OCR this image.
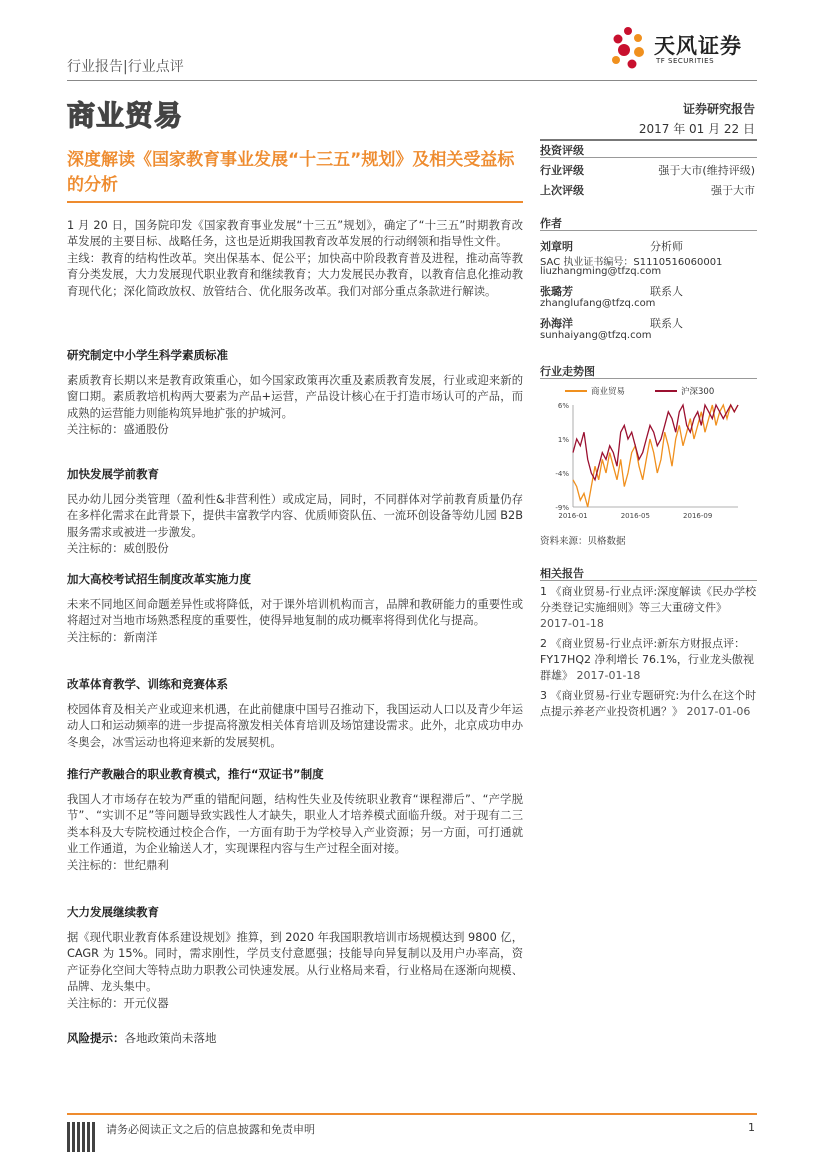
行业报告|行业点评
天风证券
TF SECURITIES
商业贸易	证券研究报告
2017 年 01 月 22 日
深度解读《国家教育事业发展“十三五”规划》及相关受益标的分析

1 月 20 日，国务院印发《国家教育事业发展“十三五”规划》，确定了“十三五”时期教育改革发展的主要目标、战略任务，这也是近期我国教育改革发展的行动纲领和指导性文件。

主线：教育的结构性改革。突出保基本、促公平；加快高中阶段教育普及进程，推动高等教育分类发展，大力发展现代职业教育和继续教育；大力发展民办教育，以教育信息化推动教育现代化；深化简政放权、放管结合、优化服务改革。我们对部分重点条款进行解读。

研究制定中小学生科学素质标准

素质教育长期以来是教育政策重心，如今国家政策再次重及素质教育发展，行业或迎来新的窗口期。素质教培机构两大要素为产品+运营，产品设计核心在于打造市场认可的产品，而成熟的运营能力则能构筑异地扩张的护城河。

关注标的：盛通股份

加快发展学前教育

民办幼儿园分类管理（盈利性&非营利性）或成定局，同时，不同群体对学前教育质量仍存在多样化需求在此背景下，提供丰富教学内容、优质师资队伍、一流环创设备等幼儿园 B2B 服务需求或被进一步激发。

关注标的：威创股份

加大高校考试招生制度改革实施力度

未来不同地区间命题差异性或将降低，对于课外培训机构而言，品牌和教研能力的重要性或将超过对当地市场熟悉程度的重要性，使得异地复制的成功概率将得到优化与提高。

关注标的：新南洋

改革体育教学、训练和竞赛体系

校园体育及相关产业或迎来机遇，在此前健康中国号召推动下，我国运动人口以及青少年运动人口和运动频率的进一步提高将激发相关体育培训及场馆建设需求。此外，北京成功申办冬奥会，冰雪运动也将迎来新的发展契机。

推行产教融合的职业教育模式，推行“双证书”制度

我国人才市场存在较为严重的错配问题，结构性失业及传统职业教育“课程滞后”、“产学脱节”、“实训不足”等问题导致实践性人才缺失，职业人才培养模式面临升级。对于现有二三类本科及大专院校通过校企合作，一方面有助于为学校导入产业资源；另一方面，可打通就业工作通道，为企业输送人才，实现课程内容与生产过程全面对接。

关注标的：世纪鼎利

大力发展继续教育

据《现代职业教育体系建设规划》推算，到 2020 年我国职教培训市场规模达到 9800 亿，CAGR 为 15%。同时，需求刚性，学员支付意愿强；技能导向异复制以及用户办率高，资产证券化空间大等特点助力职教公司快速发展。从行业格局来看，行业格局在逐渐向规模、品牌、龙头集中。

关注标的：开元仪器

风险提示：各地政策尚未落地
投资评级
行业评级	强于大市(维持评级)
上次评级	强于大市
作者
刘章明	分析师
SAC 执业证书编号：S1110516060001
liuzhangming@tfzq.com
张璐芳	联系人
zhanglufang@tfzq.com
孙海洋	联系人
sunhaiyang@tfzq.com
行业走势图
商业贸易	沪深300
6%
1%
-4%
-9%
2016-01	2016-05	2016-09
资料来源：贝格数据
相关报告
1 《商业贸易-行业点评:深度解读《民办学校分类登记实施细则》等三大重磅文件》 2017-01-18
2 《商业贸易-行业点评:新东方财报点评：FY17HQ2 净利增长 76.1%，行业龙头傲视群雄》 2017-01-18
3 《商业贸易-行业专题研究:为什么在这个时点提示养老产业投资机遇？》 2017-01-06
请务必阅读正文之后的信息披露和免责申明	1
